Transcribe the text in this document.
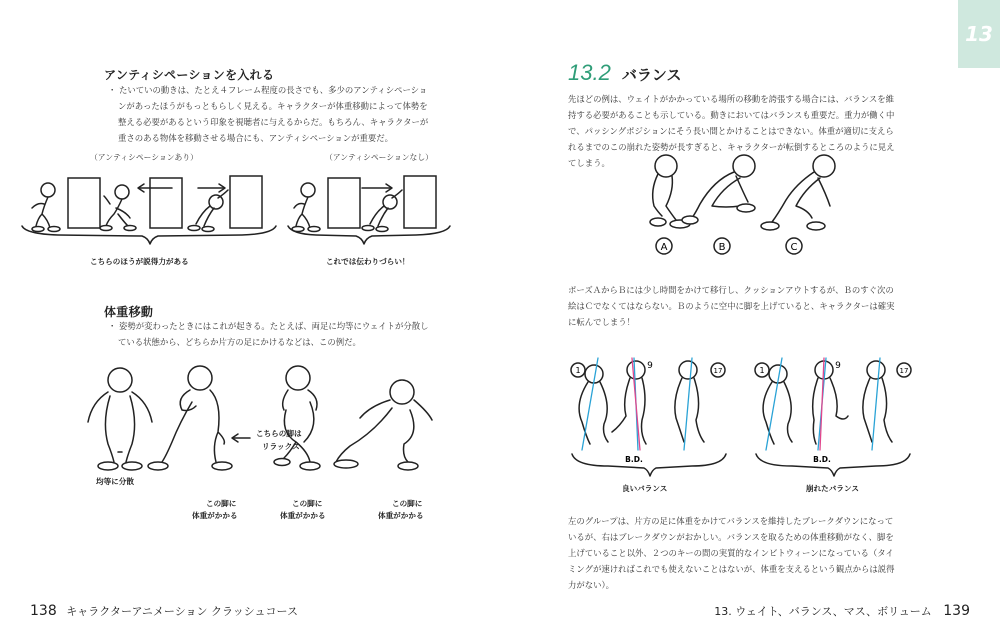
13
アンティシペーションを入れる
・ たいていの動きは、たとえ４フレーム程度の長さでも、多少のアンティシペーションがあったほうがもっともらしく見える。キャラクターが体重移動によって体勢を整える必要があるという印象を視聴者に与えるからだ。もちろん、キャラクターが重さのある物体を移動させる場合にも、アンティシペーションが重要だ。
（アンティシペーションあり）	（アンティシペーションなし）
こちらのほうが説得力がある	これでは伝わりづらい！
体重移動
・ 姿勢が変わったときにはこれが起きる。たとえば、両足に均等にウェイトが分散している状態から、どちらか片方の足にかけるなどは、この例だ。
均等に分散
こちらの脚は
リラックス
この脚に
体重がかかる
この脚に
体重がかかる
この脚に
体重がかかる
138 キャラクターアニメーション クラッシュコース
13.2 バランス
先ほどの例は、ウェイトがかかっている場所の移動を誇張する場合には、バランスを維持する必要があることも示している。動きにおいてはバランスも重要だ。重力が働く中で、パッシングポジションにそう長い間とかけることはできない。体重が適切に支えられるまでのこの崩れた姿勢が長すぎると、キャラクターが転倒するところのように見えてしまう。
A	B	C
ポーズＡからＢには少し時間をかけて移行し、クッションアウトするが、Ｂのすぐ次の絵はＣでなくてはならない。Ｂのように空中に脚を上げていると、キャラクターは確実に転んでしまう！
1	9	17
B.D.
1	9	17
B.D.
良いバランス	崩れたバランス
左のグループは、片方の足に体重をかけてバランスを維持したブレークダウンになっているが、右はブレークダウンがおかしい。バランスを取るための体重移動がなく、脚を上げていること以外、２つのキーの間の実質的なインビトウィーンになっている（タイミングが速ければこれでも使えないことはないが、体重を支えるという観点からは説得力がない）。
13. ウェイト、バランス、マス、ボリューム 139
